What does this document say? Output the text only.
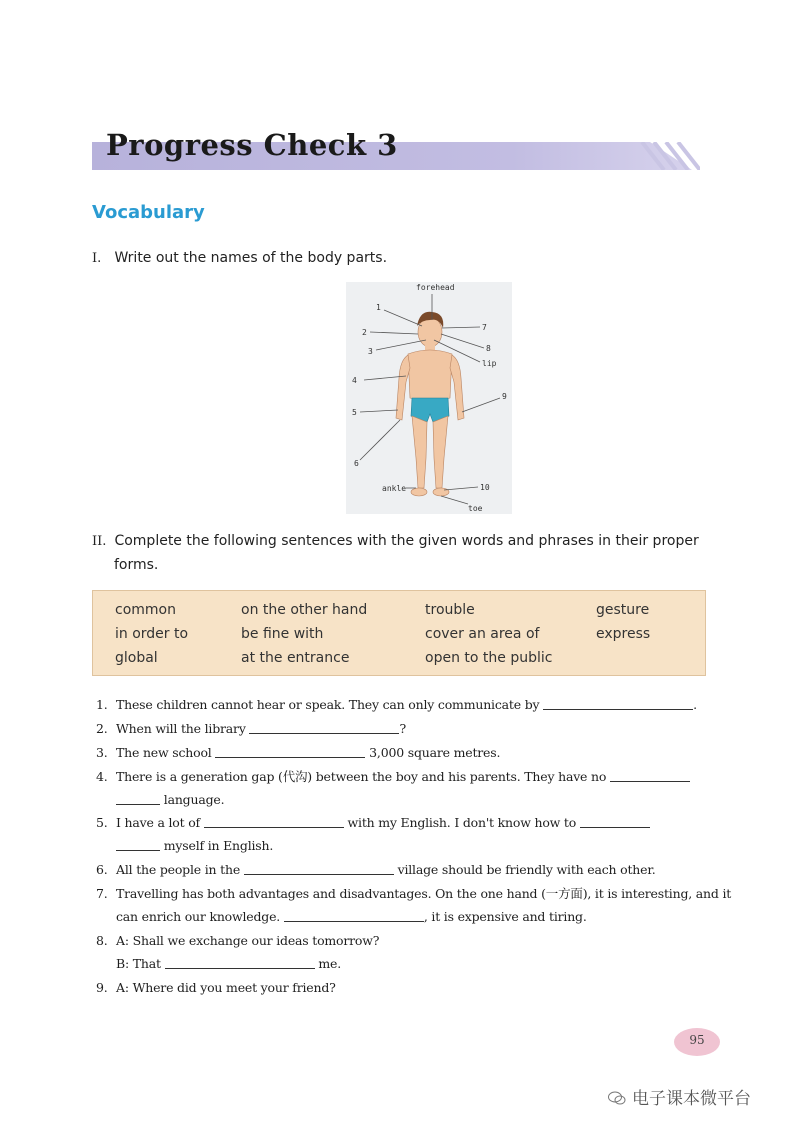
Progress Check 3
Vocabulary
I. Write out the names of the body parts.
forehead
1
2
3
4
5
6
7
8
lip
9
10
ankle
toe
II. Complete the following sentences with the given words and phrases in their proper
forms.
common	on the other hand	trouble	gesture
in order to	be fine with	cover an area of	express
global	at the entrance	open to the public
1. These children cannot hear or speak. They can only communicate by	.
2. When will the library	?
3. The new school	3,000 square metres.
4. There is a generation gap (代沟) between the boy and his parents. They have no
language.
5. I have a lot of	with my English. I don't know how to
myself in English.
6. All the people in the	village should be friendly with each other.
7. Travelling has both advantages and disadvantages. On the one hand (一方面), it is interesting, and it
can enrich our knowledge.	, it is expensive and tiring.
8. A: Shall we exchange our ideas tomorrow?
B: That	me.
9. A: Where did you meet your friend?
95
电子课本微平台
